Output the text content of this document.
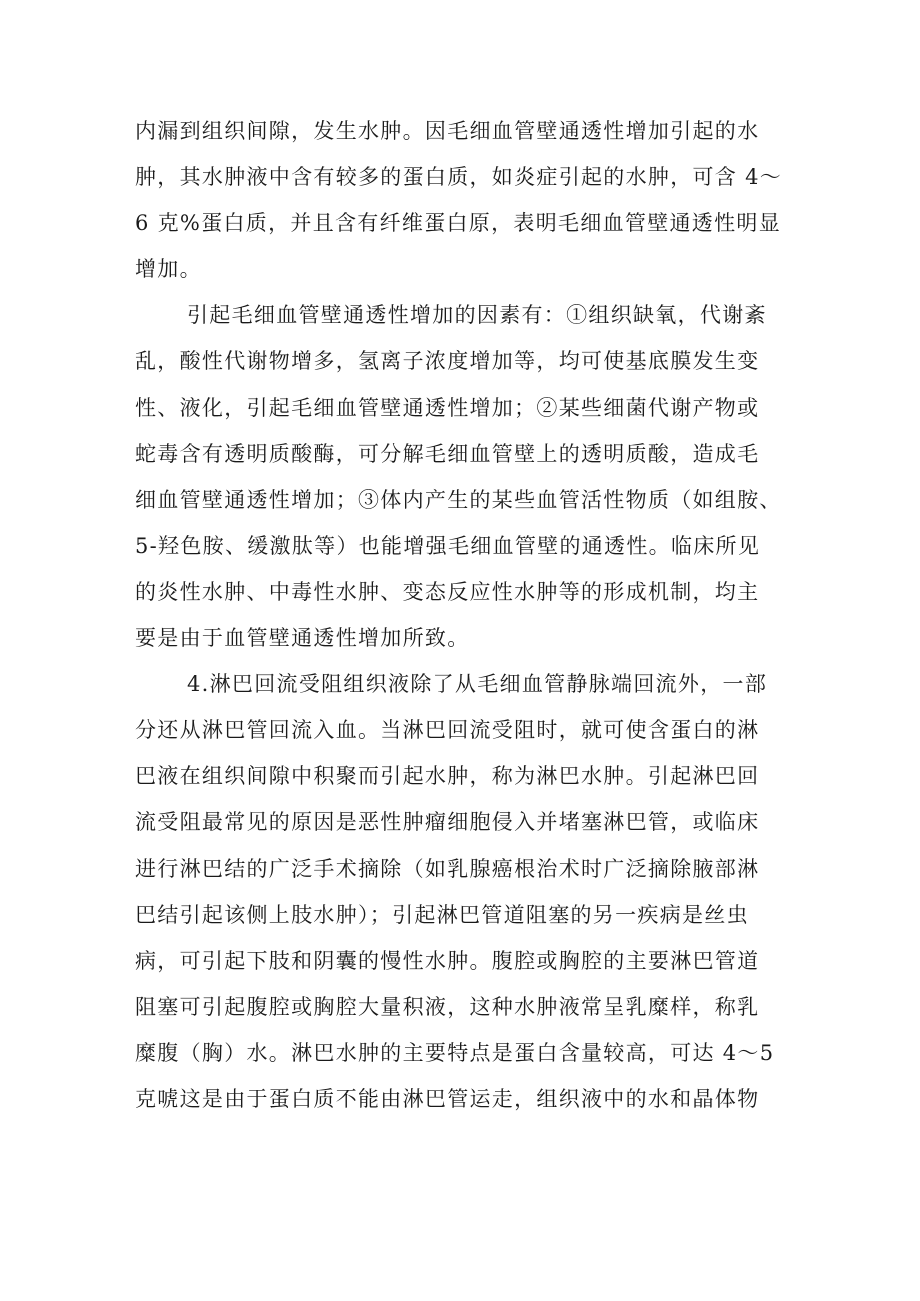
内漏到组织间隙，发生水肿。因毛细血管壁通透性增加引起的水
肿，其水肿液中含有较多的蛋白质，如炎症引起的水肿，可含 4～
6 克%蛋白质，并且含有纤维蛋白原，表明毛细血管壁通透性明显
增加。
引起毛细血管壁通透性增加的因素有：①组织缺氧，代谢紊
乱，酸性代谢物增多，氢离子浓度增加等，均可使基底膜发生变
性、液化，引起毛细血管壁通透性增加；②某些细菌代谢产物或
蛇毒含有透明质酸酶，可分解毛细血管壁上的透明质酸，造成毛
细血管壁通透性增加；③体内产生的某些血管活性物质（如组胺、
5-羟色胺、缓激肽等）也能增强毛细血管壁的通透性。临床所见
的炎性水肿、中毒性水肿、变态反应性水肿等的形成机制，均主
要是由于血管壁通透性增加所致。
4.淋巴回流受阻组织液除了从毛细血管静脉端回流外，一部
分还从淋巴管回流入血。当淋巴回流受阻时，就可使含蛋白的淋
巴液在组织间隙中积聚而引起水肿，称为淋巴水肿。引起淋巴回
流受阻最常见的原因是恶性肿瘤细胞侵入并堵塞淋巴管，或临床
进行淋巴结的广泛手术摘除（如乳腺癌根治术时广泛摘除腋部淋
巴结引起该侧上肢水肿）；引起淋巴管道阻塞的另一疾病是丝虫
病，可引起下肢和阴囊的慢性水肿。腹腔或胸腔的主要淋巴管道
阻塞可引起腹腔或胸腔大量积液，这种水肿液常呈乳糜样，称乳
糜腹（胸）水。淋巴水肿的主要特点是蛋白含量较高，可达 4～5
克唬这是由于蛋白质不能由淋巴管运走，组织液中的水和晶体物
